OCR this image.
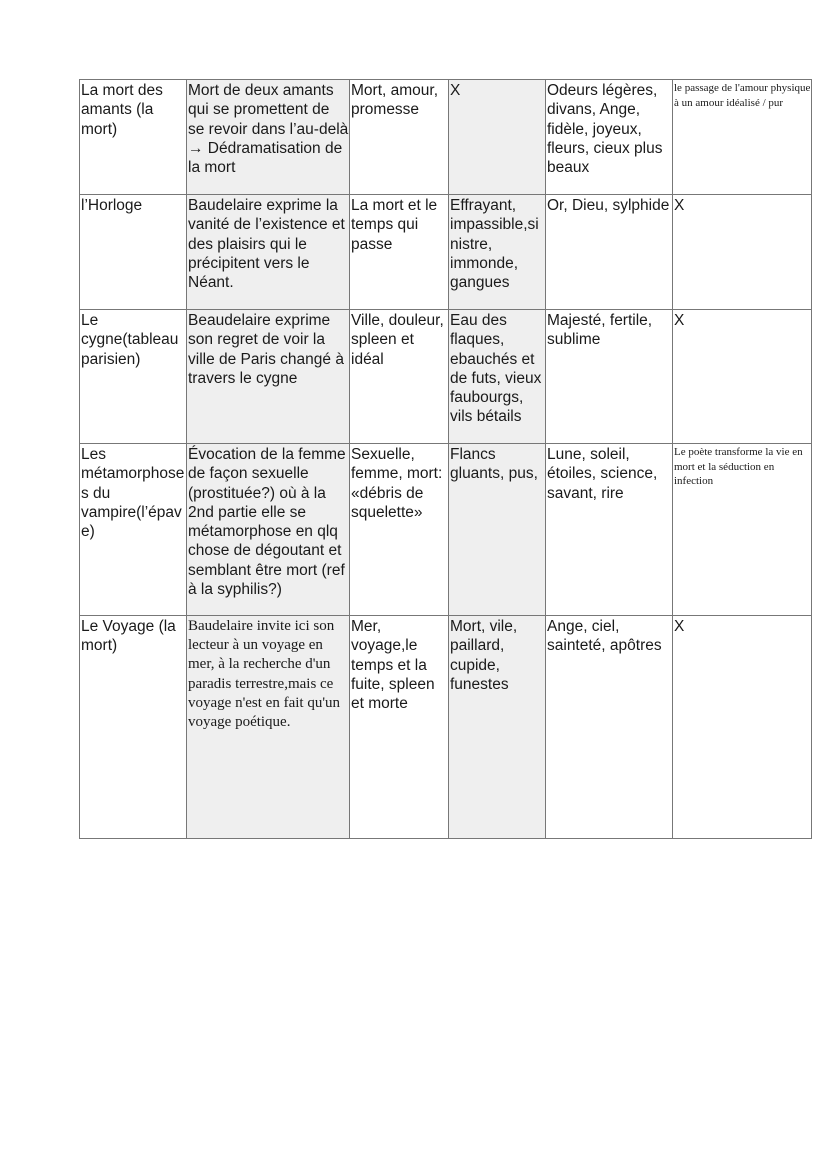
La mort des amants (la mort)	Mort de deux amants qui se promettent de se revoir dans l’au-delà → Dédramatisation de la mort	Mort, amour, promesse	X	Odeurs légères, divans, Ange, fidèle, joyeux, fleurs, cieux plus beaux	le passage de l'amour physique à un amour idéalisé / pur

l’Horloge	Baudelaire exprime la vanité de l’existence et des plaisirs qui le précipitent vers le Néant.	La mort et le temps qui passe	Effrayant, impassible,sinistre, immonde, gangues	Or, Dieu, sylphide	X

Le cygne(tableau parisien)	Beaudelaire exprime son regret de voir la ville de Paris changé à travers le cygne	Ville, douleur, spleen et idéal	Eau des flaques, ebauchés et de futs, vieux faubourgs, vils bétails	Majesté, fertile, sublime	X

Les métamorphoses du vampire(l’épave)	Évocation de la femme de façon sexuelle (prostituée?) où à la 2nd partie elle se métamorphose en qlq chose de dégoutant et semblant être mort (ref à la syphilis?)	Sexuelle, femme, mort: «débris de squelette»	Flancs gluants, pus,	Lune, soleil, étoiles, science, savant, rire	Le poète transforme la vie en mort et la séduction en infection

Le Voyage (la mort)	Baudelaire invite ici son lecteur à un voyage en mer, à la recherche d'un paradis terrestre,mais ce voyage n'est en fait qu'un voyage poétique.	Mer, voyage,le temps et la fuite, spleen et morte	Mort, vile, paillard, cupide, funestes	Ange, ciel, sainteté, apôtres	X
